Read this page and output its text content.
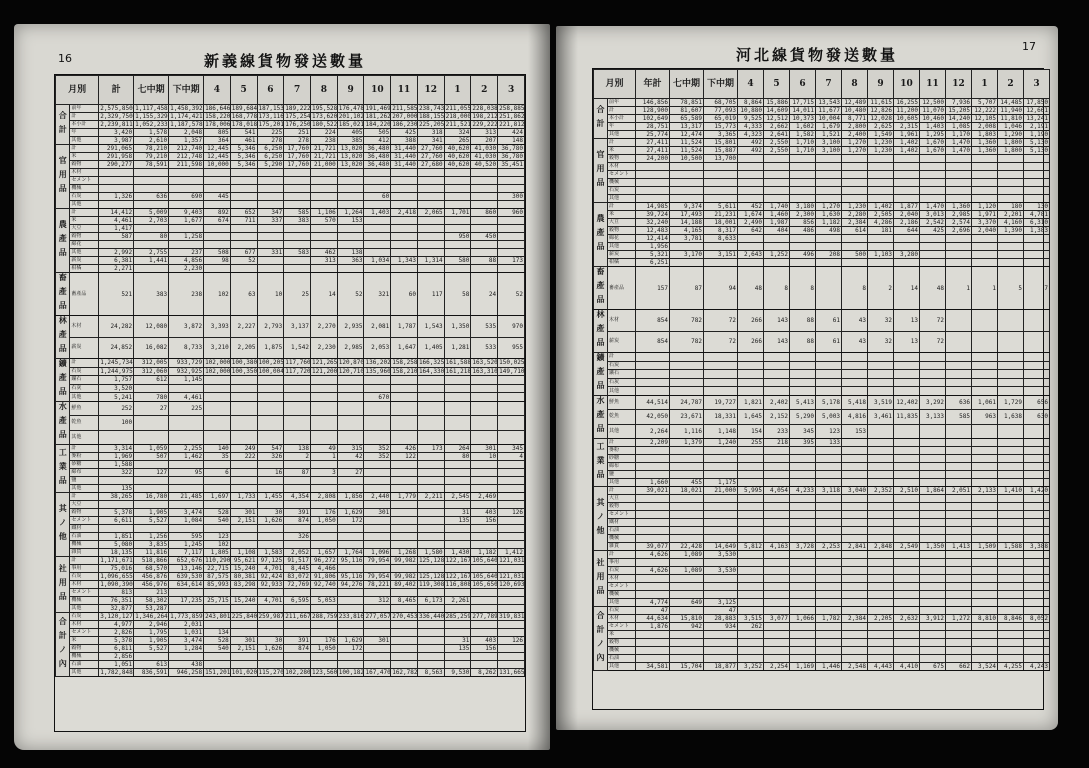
16	新義線貨物發送數量
月別		計	七中期	下中期	4	5	6	7	8	9	10	11	12	1	2	3
合計	前年	2,575,850	1,117,458	1,458,392	186,646	189,684	187,153	189,222	195,528	176,478	191,469	211,585	238,743	211,055	228,038	258,885
	計	2,329,750	1,155,329	1,174,421	158,220	168,778	173,116	175,254	173,620	201,102	181,262	207,000	188,155	218,000	198,212	251,862
	本小計	2,239,811	1,052,233	1,187,578	178,006	178,018	175,201	176,250	180,522	185,021	184,220	186,230	225,205	211,521	229,222	221,812
	年	3,420	1,578	2,048	805	541	225	251	224	405	505	425	318	324	313	424
	其他	3,987	2,610	1,357	364	461	278	278	238	385	412	388	341	265	207	148
官用品	計	291,065	78,210	212,740	12,445	5,346	6,250	17,760	21,721	13,020	36,480	31,440	27,760	40,620	41,030	36,780
	米	291,958	79,210	212,748	12,445	5,346	6,250	17,760	21,721	13,020	36,480	31,440	27,760	40,620	41,030	36,780
	穀物	290,277	78,591	211,598	10,000	5,346	5,290	17,760	21,000	13,020	36,480	31,440	27,680	40,620	40,520	35,451
	木材															
	セメント															
	機械															
	石炭	1,326	636	690	445						60					300
	其他															
農產品	計	14,412	5,009	9,403	892	652	347	585	1,106	1,264	1,403	2,418	2,065	1,701	860	960
	米	4,461	2,703	1,677	674	711	337	383	570	153						
	大豆	1,417														
	穀物	587	80	1,258										950	450	
	綿花															
	其他	2,992	2,755	237	508	677	331	583	462	138						
	薪炭	6,381	1,441	4,856	98	52			313	363	1,034	1,343	1,314	580	88	173
	柑橘	2,271		2,230												
畜產品	畜產品	521	383	238	102	63	10	25	14	52	321	60	117	58	24	52
林產品	木材	24,282	12,080	3,872	3,393	2,227	2,793	3,137	2,270	2,935	2,081	1,787	1,543	1,350	535	970
	薪炭	24,852	16,082	8,733	3,210	2,205	1,875	1,542	2,230	2,985	2,053	1,647	1,405	1,281	533	955
鑛產品	計	1,245,734	312,005	933,729	102,000	100,380	100,205	117,760	121,265	120,870	136,202	158,258	166,325	161,588	163,520	150,025
	石炭	1,244,975	312,060	932,925	102,000	100,350	100,004	117,720	121,200	120,710	135,960	158,210	164,330	161,218	163,310	149,710
	鑛石	1,757	612	1,145												
	石灰	3,520														
	其他	5,241	780	4,461							670					
水產品	鮮魚	252	27	225												
	乾魚	100														
	其他															
工業品	計	3,314	1,059	2,255	140	249	547	138	49	315	352	426	173	264	301	345
	麥粉	1,969	507	1,462	35	222	326	2	1	42	352	122		80	10	4
	砂糖	1,588														
	綿布	322	127	95	6		16	87	3	27						
	鹽															
	其他	135														
其ノ他	計	38,265	16,780	21,485	1,697	1,733	1,455	4,354	2,808	1,856	2,440	1,779	2,211	2,545	2,469	
	大豆															
	穀物	5,378	1,905	3,474	528	301	30	391	176	1,629	301			31	403	126
	セメント	6,611	5,527	1,084	540	2,151	1,626	874	1,050	172				135	156	
	鐵材															
	石油	1,851	1,256	595	123			326								
	機械	5,080	3,835	1,245	102											
	雜貨	18,135	11,816	7,117	1,805	1,108	1,583	2,052	1,657	1,764	1,096	1,268	1,580	1,430	1,182	1,412
社用品	計	1,171,671	518,866	652,676	110,290	95,621	97,125	91,517	96,272	95,116	79,954	99,982	125,128	122,167	105,640	121,031
	事用	75,016	68,570	13,146	22,715	15,240	4,701	8,445	4,466							
	石炭	1,096,655	456,876	639,530	87,575	80,381	92,424	83,072	91,806	95,116	79,954	99,982	125,128	122,167	105,640	121,031
	木材	1,090,390	456,976	634,614	85,993	83,298	92,933	72,769	92,740	94,276	78,221	89,402	119,308	116,808	105,650	120,693
	セメント	813	213													
	機械	76,351	58,302	17,235	25,715	15,240	4,701	6,595	5,053		312	8,465	6,173	2,261		
	其他	32,877	53,287													
合計ノ內	石炭	3,120,127	1,346,264	1,773,859	243,801	225,840	259,987	211,667	288,759	233,816	277,057	270,453	336,440	285,259	277,789	319,831
	木材	4,977	2,946	2,031												
	セメント	2,826	1,795	1,031	134											
	米	5,378	1,905	3,474	528	301	30	391	176	1,629	301			31	403	126
	穀物	6,811	5,527	1,284	540	2,151	1,626	874	1,050	172				135	156	
	機械	2,856														
	石油	1,051	613	438												
	其他	1,782,848	836,591	946,258	151,201	101,020	115,270	102,280	123,560	100,182	167,470	162,782	8,563	9,530	8,262	131,665
17
河北線貨物發送數量
月別		年計	七中期	下中期	4	5	6	7	8	9	10	11	12	1	2	3
合計	前年	146,856	78,851	68,705	8,864	15,886	17,715	13,543	12,489	11,615	16,255	12,500	7,936	5,707	14,485	17,850
	計	128,900	81,607	77,093	10,880	14,609	14,011	11,677	10,480	12,826	11,200	11,070	15,205	12,222	11,940	12,661
	本小計	102,649	65,589	65,019	9,525	12,512	10,373	10,004	8,771	12,028	10,605	10,460	14,240	12,105	11,810	13,241
	年	28,751	13,317	15,773	4,333	2,662	1,602	1,679	2,800	2,625	2,315	1,403	1,085	2,008	1,046	2,191
	其他	25,774	12,474	3,365	4,323	2,641	1,582	1,521	2,400	1,549	1,961	1,295	1,170	1,803	1,290	1,190
官用品	計	27,411	11,524	15,801	492	2,550	1,710	3,100	1,270	1,230	1,402	1,670	1,470	1,360	1,800	5,130
	米	27,411	11,524	15,887	492	2,550	1,710	3,100	1,270	1,230	1,402	1,670	1,470	1,360	1,800	5,130
	穀物	24,200	10,500	13,700												
	木材															
	セメント															
	機械															
	石炭															
	其他															
農產品	計	14,985	9,374	5,611	452	1,740	3,180	1,270	1,230	1,402	1,877	1,470	1,360	1,120	180	130
	米	39,724	17,493	21,231	1,674	1,460	2,300	1,630	2,280	2,505	2,040	3,013	2,985	1,971	2,201	4,781
	大豆	32,240	14,188	18,001	2,490	1,987	856	1,182	2,384	4,286	2,186	2,542	2,574	3,370	4,160	6,310
	穀物	12,483	4,165	8,317	642	404	486	498	614	181	644	425	2,696	2,040	1,390	1,383
	綿花	12,414	3,781	8,633												
	其他	1,956														
	薪炭	5,321	3,170	3,151	2,643	1,252	496	208	500	1,103	3,280					
	柑橘	6,251														
畜產品	畜產品	157	87	94	48	8	8		8	2	14	48	1	1	5	7
林產品	木材	854	782	72	266	143	88	61	43	32	13	72				
	薪炭	854	782	72	266	143	88	61	43	32	13	72				
鑛產品	計															
	石炭															
	鑛石															
	石灰															
	其他															
水產品	鮮魚	44,514	24,787	19,727	1,821	2,402	5,413	5,178	5,418	3,519	12,402	3,292	636	1,061	1,729	656
	乾魚	42,050	23,671	18,331	1,645	2,152	5,290	5,003	4,816	3,461	11,835	3,133	585	963	1,638	630
	其他	2,264	1,116	1,148	154	233	345	123	153							
工業品	計	2,209	1,379	1,240	255	218	395	133								
	麥粉															
	砂糖															
	綿布															
	鹽															
	其他	1,660	455	1,175												
其ノ他	計	39,021	18,021	21,000	5,995	4,054	4,233	3,118	3,040	2,352	2,510	1,864	2,051	2,133	1,410	1,420
	大豆															
	穀物															
	セメント															
	鐵材															
	石油															
	機械															
	雜貨	39,077	22,428	14,649	5,812	4,163	3,728	2,253	2,841	2,848	2,549	1,350	1,413	1,509	1,588	3,388
社用品	計	4,626	1,089	3,530												
	事用															
	石炭	4,626	1,089	3,530												
	木材															
	セメント															
	機械															
	其他	4,774	649	3,125												
合計ノ內	石炭	47		47												
	木材	44,634	15,810	28,883	3,515	3,077	1,066	1,782	2,384	2,205	2,632	3,912	1,272	8,810	8,846	8,052
	セメント	1,876	942	934	262											
	米															
	穀物															
	機械															
	石油															
	其他	34,581	15,704	18,877	3,252	2,254	1,169	1,446	2,548	4,443	4,410	675	662	3,524	4,255	4,243
